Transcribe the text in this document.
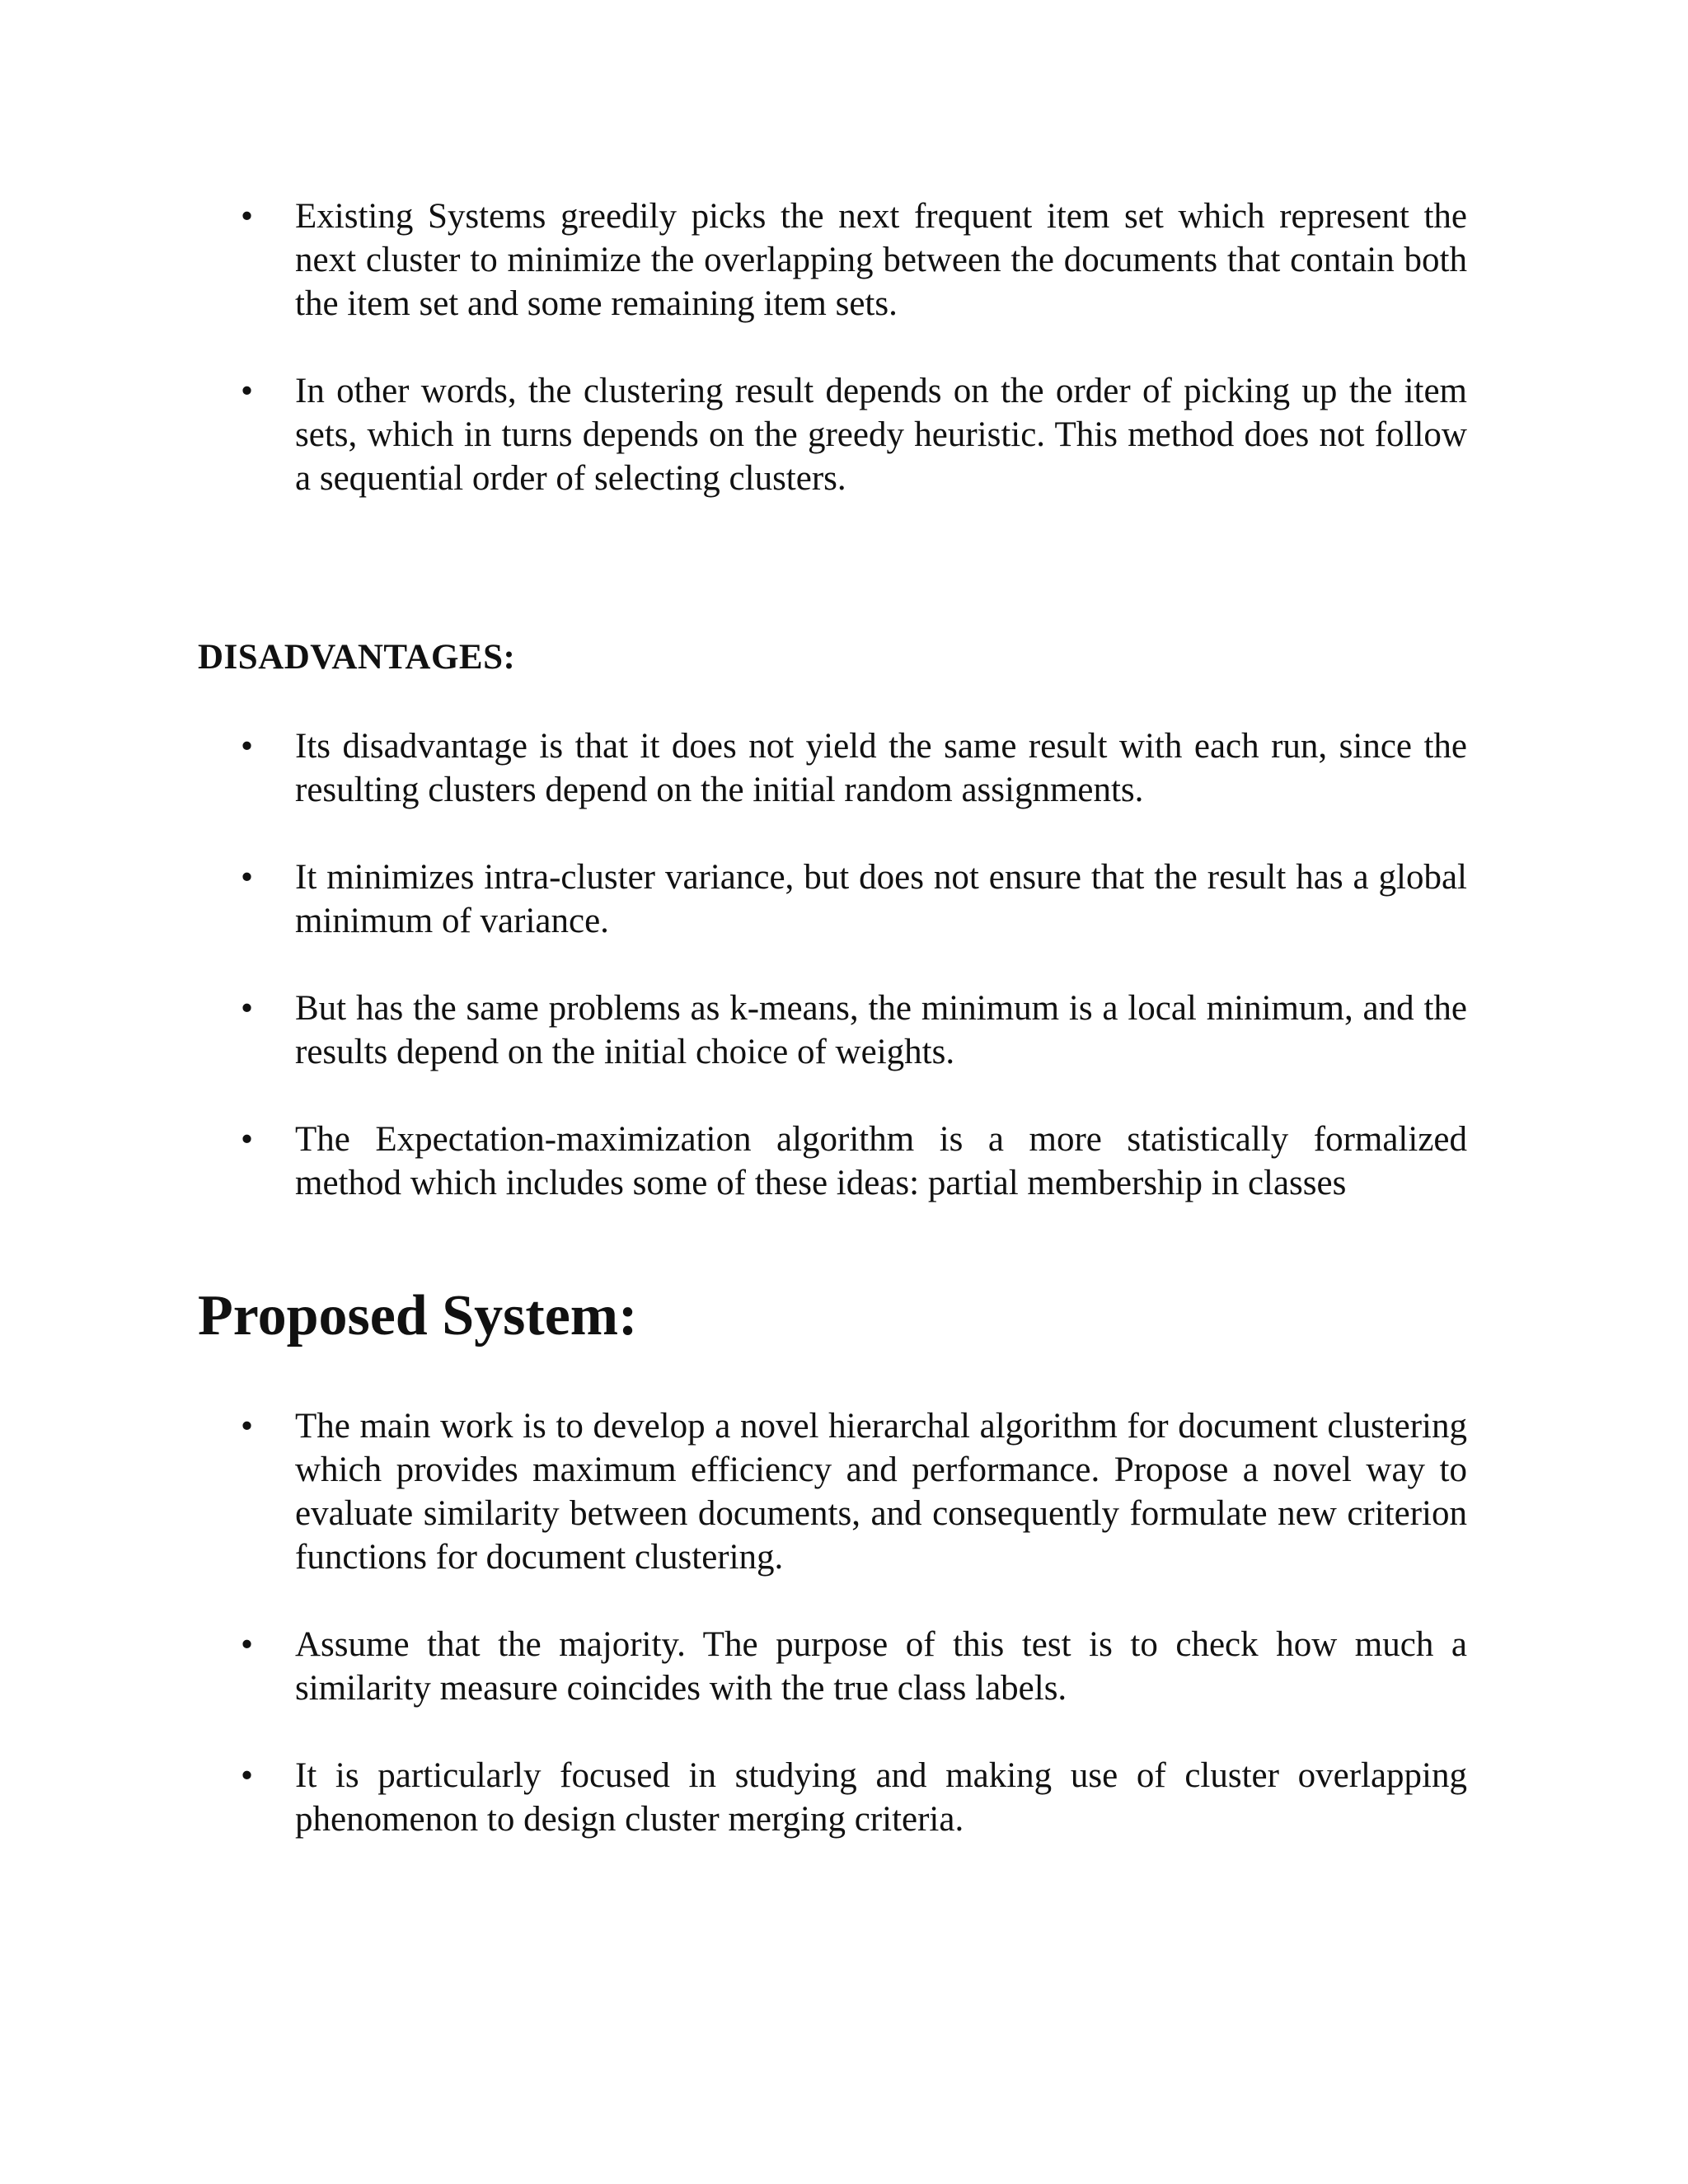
• Existing Systems greedily picks the next frequent item set which represent the next cluster to minimize the overlapping between the documents that contain both the item set and some remaining item sets.
• In other words, the clustering result depends on the order of picking up the item sets, which in turns depends on the greedy heuristic. This method does not follow a sequential order of selecting clusters.
DISADVANTAGES:
• Its disadvantage is that it does not yield the same result with each run, since the resulting clusters depend on the initial random assignments.
• It minimizes intra-cluster variance, but does not ensure that the result has a global minimum of variance.
• But has the same problems as k-means, the minimum is a local minimum, and the results depend on the initial choice of weights.
• The Expectation-maximization algorithm is a more statistically formalized method which includes some of these ideas: partial membership in classes
Proposed System:
• The main work is to develop a novel hierarchal algorithm for document clustering which provides maximum efficiency and performance. Propose a novel way to evaluate similarity between documents, and consequently formulate new criterion functions for document clustering.
• Assume that the majority. The purpose of this test is to check how much a similarity measure coincides with the true class labels.
• It is particularly focused in studying and making use of cluster overlapping phenomenon to design cluster merging criteria.
